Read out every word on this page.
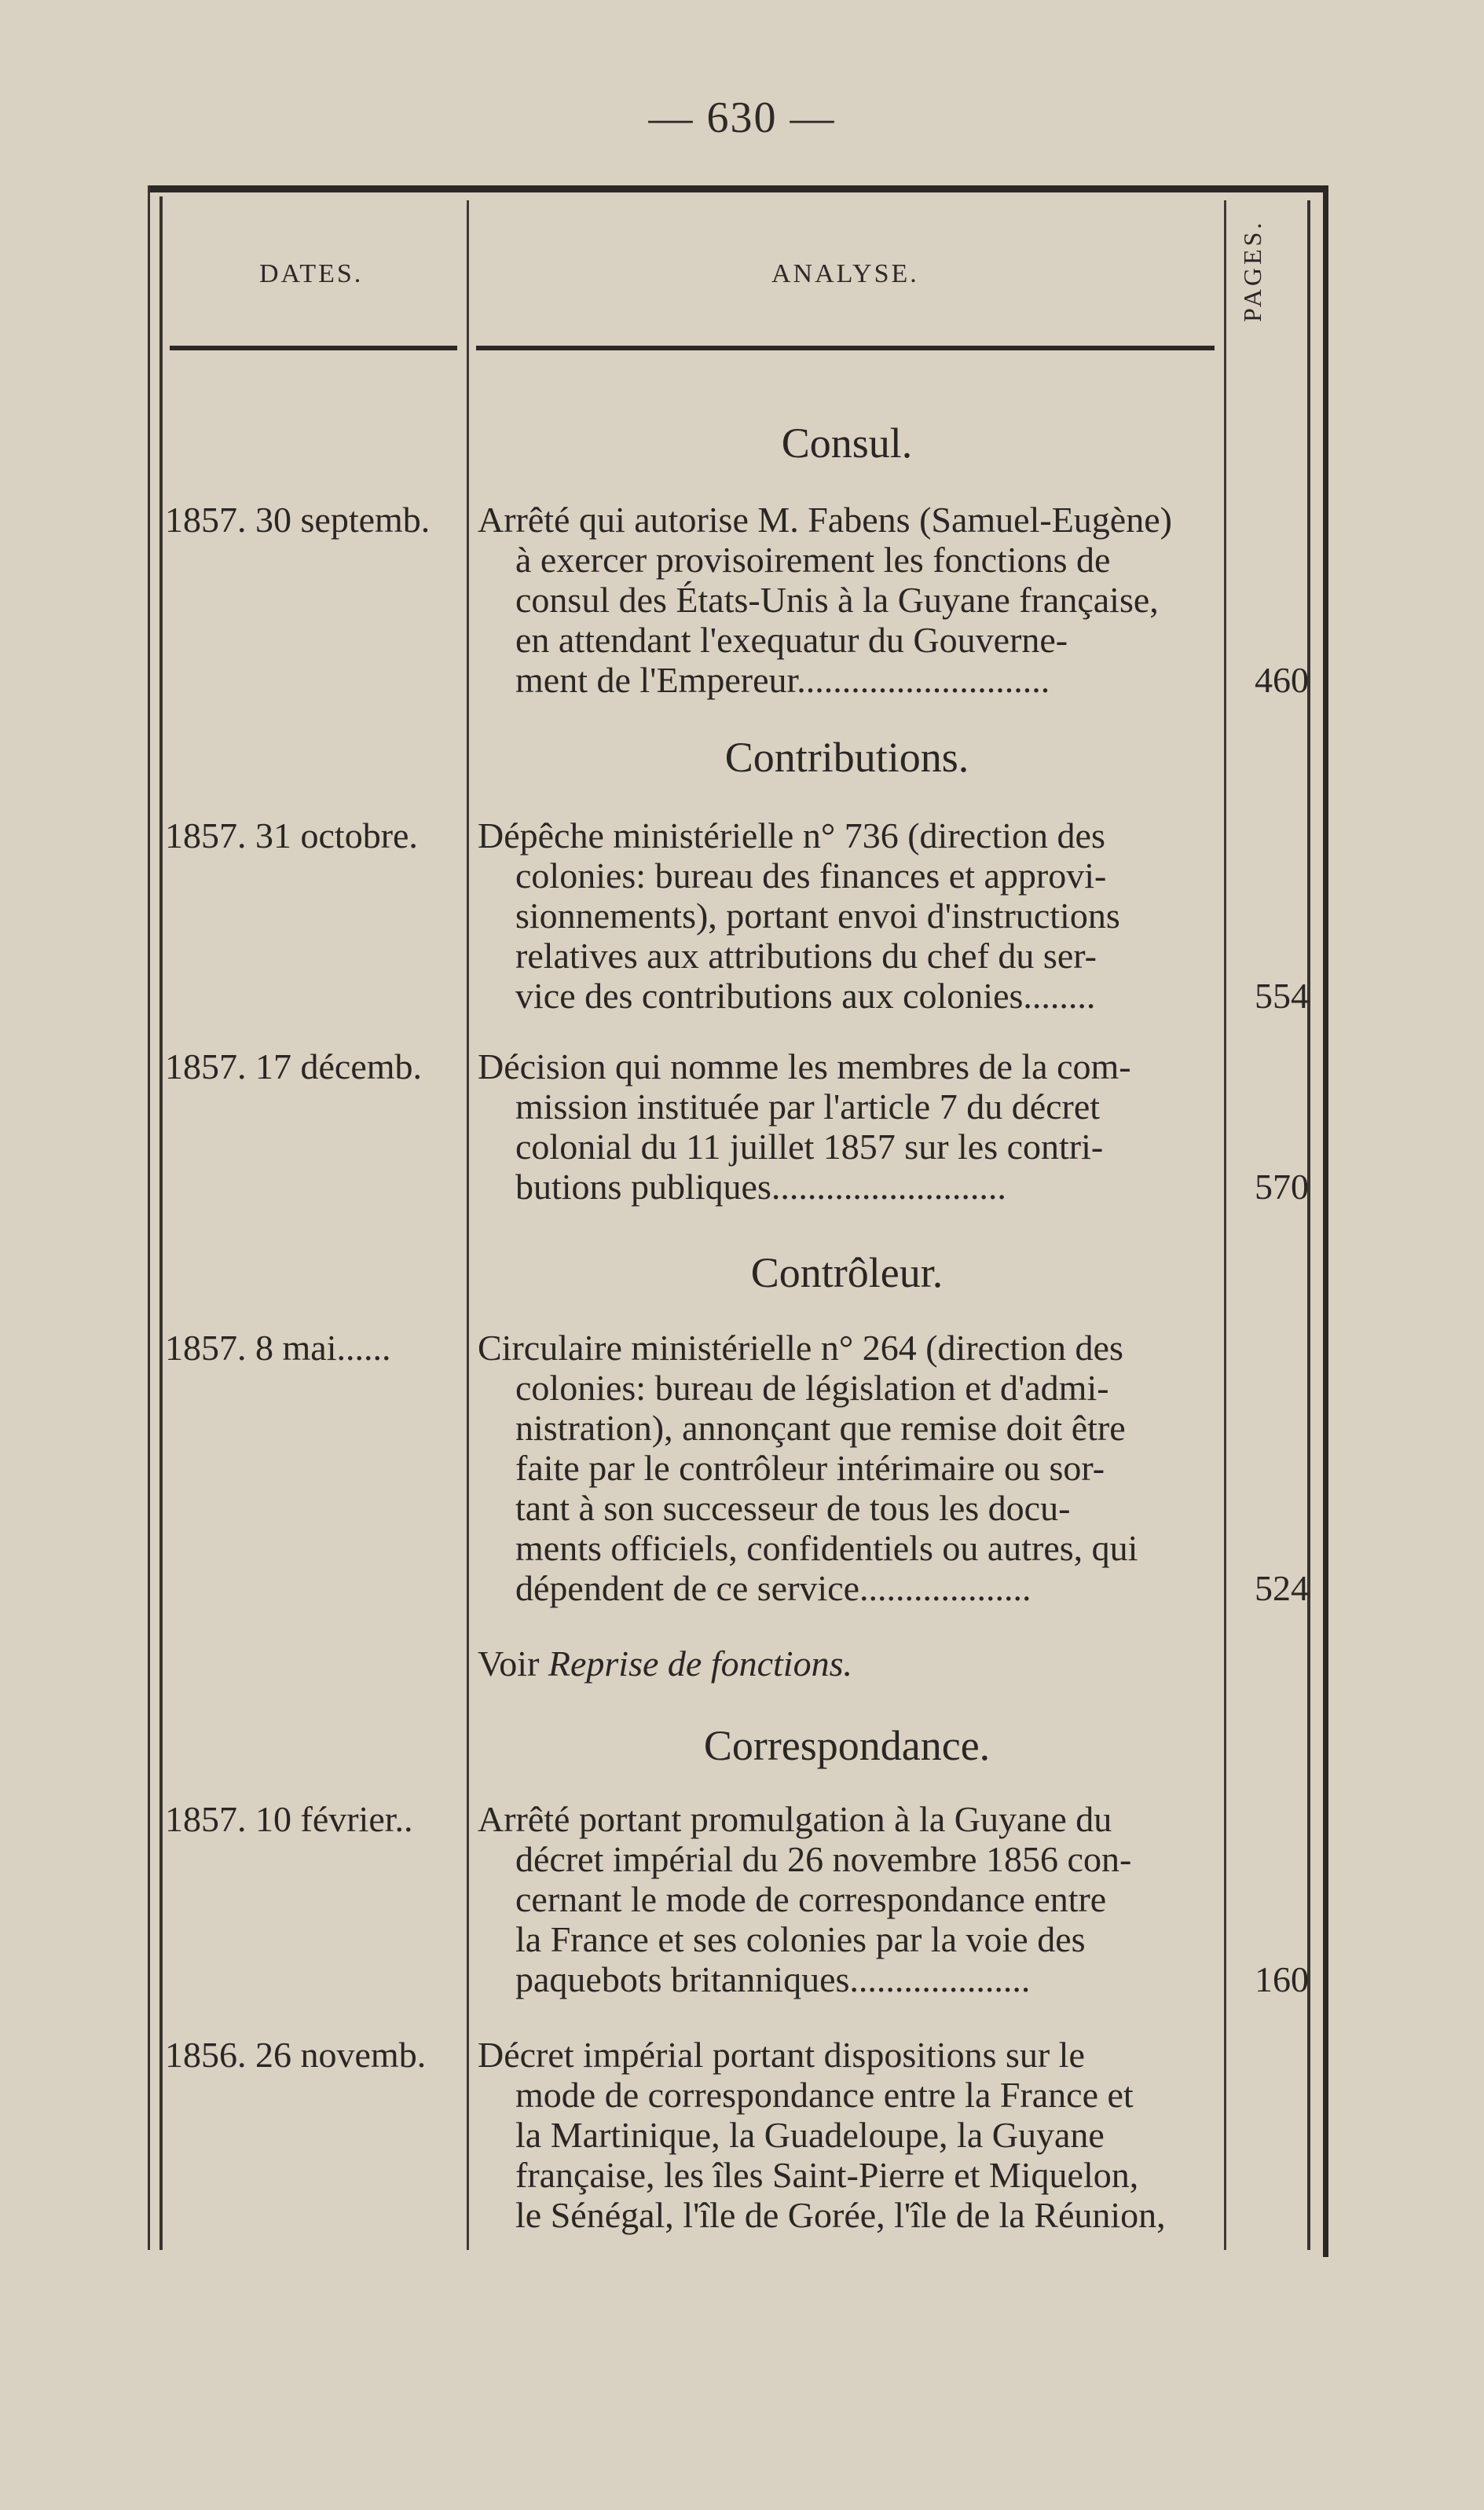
— 630 —
DATES.	ANALYSE.	PAGES.
Consul.
1857. 30 septemb.	Arrêté qui autorise M. Fabens (Samuel-Eugène)
à exercer provisoirement les fonctions de
consul des États-Unis à la Guyane française,
en attendant l'exequatur du Gouverne-
ment de l'Empereur............................	460
Contributions.
1857. 31 octobre.	Dépêche ministérielle n° 736 (direction des
colonies: bureau des finances et approvi-
sionnements), portant envoi d'instructions
relatives aux attributions du chef du ser-
vice des contributions aux colonies........	554
1857. 17 décemb.	Décision qui nomme les membres de la com-
mission instituée par l'article 7 du décret
colonial du 11 juillet 1857 sur les contri-
butions publiques..........................	570
Contrôleur.
1857. 8 mai......	Circulaire ministérielle n° 264 (direction des
colonies: bureau de législation et d'admi-
nistration), annonçant que remise doit être
faite par le contrôleur intérimaire ou sor-
tant à son successeur de tous les docu-
ments officiels, confidentiels ou autres, qui
dépendent de ce service...................	524
Voir Reprise de fonctions.
Correspondance.
1857. 10 février..	Arrêté portant promulgation à la Guyane du
décret impérial du 26 novembre 1856 con-
cernant le mode de correspondance entre
la France et ses colonies par la voie des
paquebots britanniques....................	160
1856. 26 novemb.	Décret impérial portant dispositions sur le
mode de correspondance entre la France et
la Martinique, la Guadeloupe, la Guyane
française, les îles Saint-Pierre et Miquelon,
le Sénégal, l'île de Gorée, l'île de la Réunion,
